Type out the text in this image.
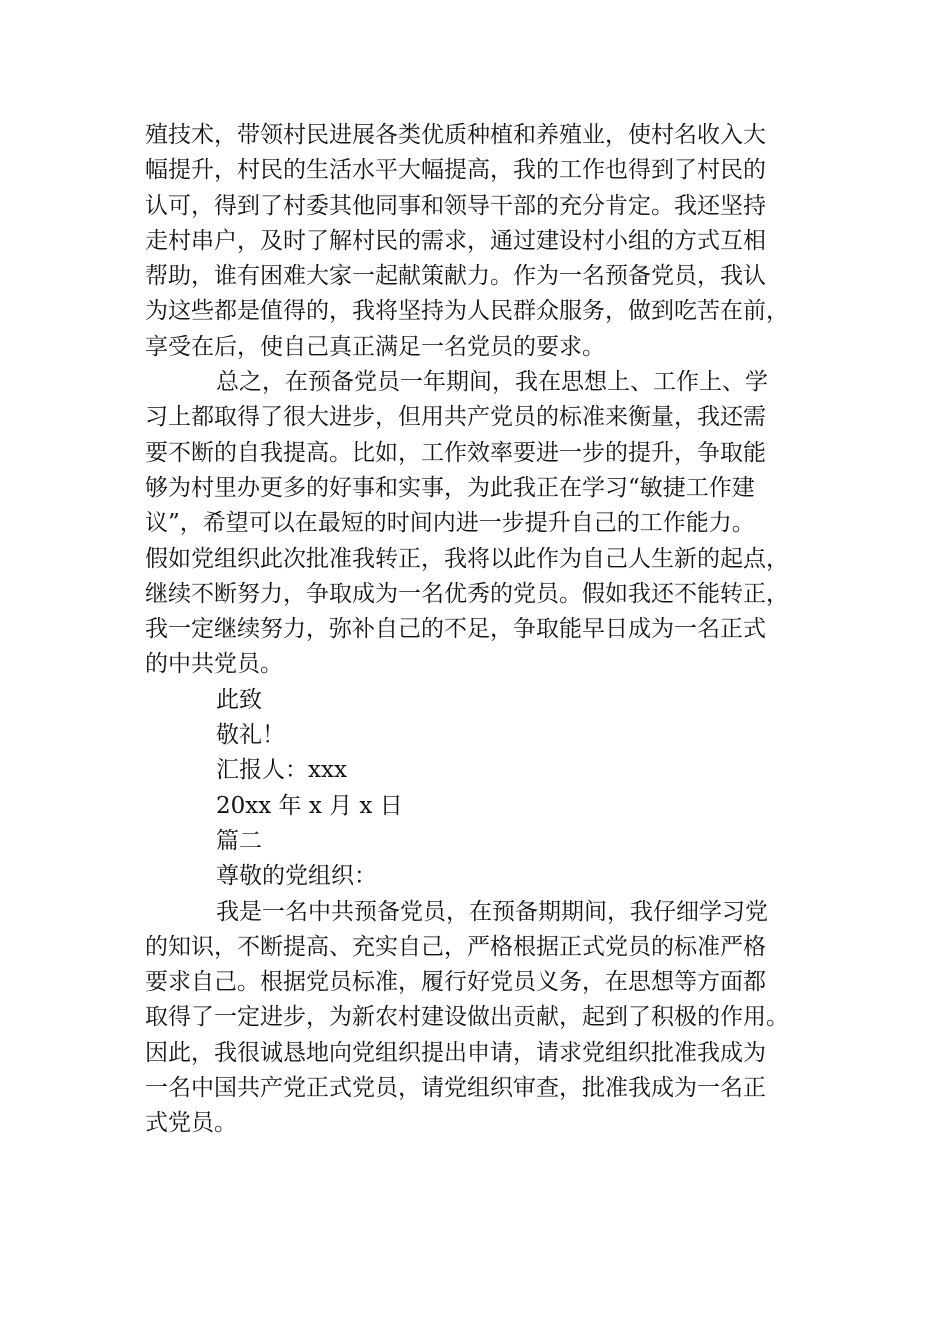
殖技术，带领村民进展各类优质种植和养殖业，使村名收入大
幅提升，村民的生活水平大幅提高，我的工作也得到了村民的
认可，得到了村委其他同事和领导干部的充分肯定。我还坚持
走村串户，及时了解村民的需求，通过建设村小组的方式互相
帮助，谁有困难大家一起献策献力。作为一名预备党员，我认
为这些都是值得的，我将坚持为人民群众服务，做到吃苦在前，
享受在后，使自己真正满足一名党员的要求。
总之，在预备党员一年期间，我在思想上、工作上、学
习上都取得了很大进步，但用共产党员的标准来衡量，我还需
要不断的自我提高。比如，工作效率要进一步的提升，争取能
够为村里办更多的好事和实事，为此我正在学习“敏捷工作建
议”，希望可以在最短的时间内进一步提升自己的工作能力。
假如党组织此次批准我转正，我将以此作为自己人生新的起点，
继续不断努力，争取成为一名优秀的党员。假如我还不能转正，
我一定继续努力，弥补自己的不足，争取能早日成为一名正式
的中共党员。
此致
敬礼！
汇报人：xxx
20xx 年 x 月 x 日
篇二
尊敬的党组织：
我是一名中共预备党员，在预备期期间，我仔细学习党
的知识，不断提高、充实自己，严格根据正式党员的标准严格
要求自己。根据党员标准，履行好党员义务，在思想等方面都
取得了一定进步，为新农村建设做出贡献，起到了积极的作用。
因此，我很诚恳地向党组织提出申请，请求党组织批准我成为
一名中国共产党正式党员，请党组织审查，批准我成为一名正
式党员。
